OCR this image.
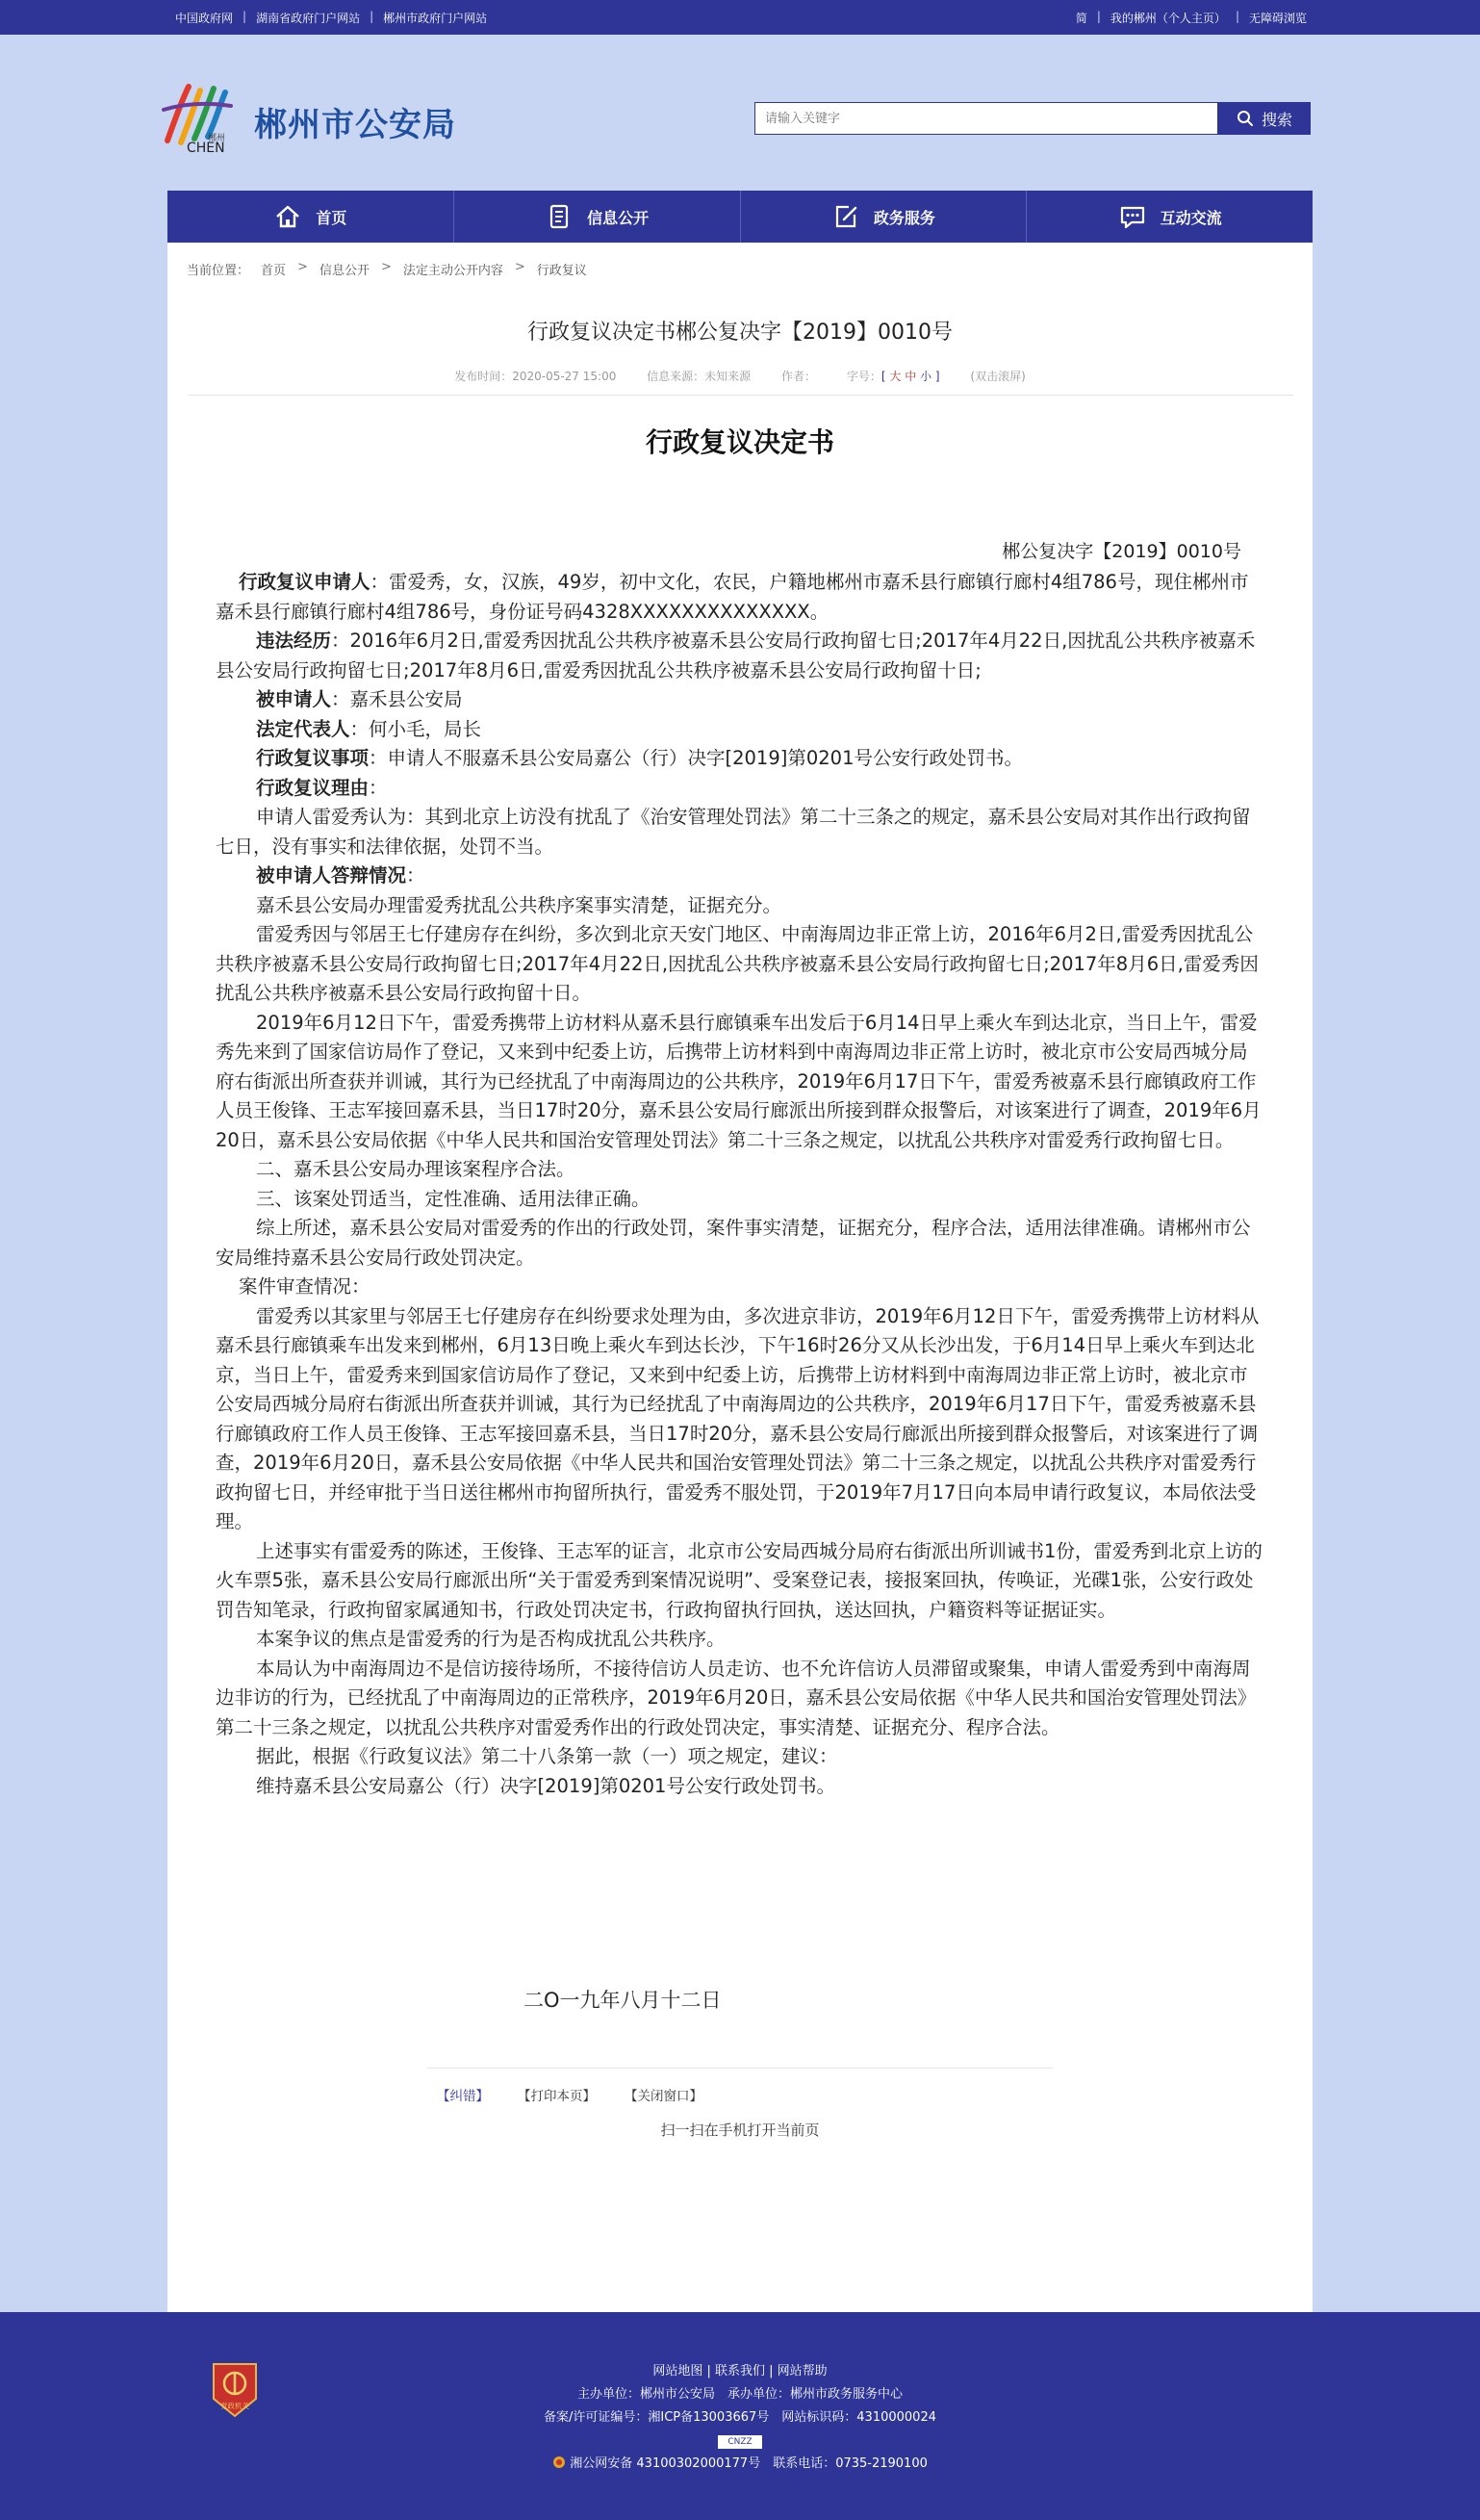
中国政府网 | 湖南省政府门户网站 | 郴州市政府门户网站	简 | 我的郴州（个人主页） | 无障碍浏览
郴州
CHEN
郴州市公安局
请输入关键字	搜索
首页	信息公开	政务服务	互动交流
当前位置： 首页 > 信息公开 > 法定主动公开内容 > 行政复议
行政复议决定书郴公复决字【2019】0010号
发布时间：2020-05-27 15:00	信息来源：未知来源	作者：	字号：[ 大 中 小 ]	(双击滚屏)
行政复议决定书
郴公复决字【2019】0010号

行政复议申请人：雷爱秀，女，汉族，49岁，初中文化，农民，户籍地郴州市嘉禾县行廊镇行廊村4组786号，现住郴州市嘉禾县行廊镇行廊村4组786号，身份证号码4328XXXXXXXXXXXXXX。

违法经历：2016年6月2日,雷爱秀因扰乱公共秩序被嘉禾县公安局行政拘留七日;2017年4月22日,因扰乱公共秩序被嘉禾县公安局行政拘留七日;2017年8月6日,雷爱秀因扰乱公共秩序被嘉禾县公安局行政拘留十日;

被申请人：嘉禾县公安局

法定代表人：何小毛，局长

行政复议事项：申请人不服嘉禾县公安局嘉公（行）决字[2019]第0201号公安行政处罚书。

行政复议理由：

申请人雷爱秀认为：其到北京上访没有扰乱了《治安管理处罚法》第二十三条之的规定，嘉禾县公安局对其作出行政拘留七日，没有事实和法律依据，处罚不当。

被申请人答辩情况：

嘉禾县公安局办理雷爱秀扰乱公共秩序案事实清楚，证据充分。

雷爱秀因与邻居王七仔建房存在纠纷，多次到北京天安门地区、中南海周边非正常上访，2016年6月2日,雷爱秀因扰乱公共秩序被嘉禾县公安局行政拘留七日;2017年4月22日,因扰乱公共秩序被嘉禾县公安局行政拘留七日;2017年8月6日,雷爱秀因扰乱公共秩序被嘉禾县公安局行政拘留十日。

2019年6月12日下午，雷爱秀携带上访材料从嘉禾县行廊镇乘车出发后于6月14日早上乘火车到达北京，当日上午，雷爱秀先来到了国家信访局作了登记，又来到中纪委上访，后携带上访材料到中南海周边非正常上访时，被北京市公安局西城分局府右街派出所查获并训诫，其行为已经扰乱了中南海周边的公共秩序，2019年6月17日下午，雷爱秀被嘉禾县行廊镇政府工作人员王俊锋、王志军接回嘉禾县，当日17时20分，嘉禾县公安局行廊派出所接到群众报警后，对该案进行了调查，2019年6月20日，嘉禾县公安局依据《中华人民共和国治安管理处罚法》第二十三条之规定，以扰乱公共秩序对雷爱秀行政拘留七日。

二、嘉禾县公安局办理该案程序合法。

三、该案处罚适当，定性准确、适用法律正确。

综上所述，嘉禾县公安局对雷爱秀的作出的行政处罚，案件事实清楚，证据充分，程序合法，适用法律准确。请郴州市公安局维持嘉禾县公安局行政处罚决定。

案件审查情况：

雷爱秀以其家里与邻居王七仔建房存在纠纷要求处理为由，多次进京非访，2019年6月12日下午，雷爱秀携带上访材料从嘉禾县行廊镇乘车出发来到郴州，6月13日晚上乘火车到达长沙，下午16时26分又从长沙出发，于6月14日早上乘火车到达北京，当日上午，雷爱秀来到国家信访局作了登记，又来到中纪委上访，后携带上访材料到中南海周边非正常上访时，被北京市公安局西城分局府右街派出所查获并训诫，其行为已经扰乱了中南海周边的公共秩序，2019年6月17日下午，雷爱秀被嘉禾县行廊镇政府工作人员王俊锋、王志军接回嘉禾县，当日17时20分，嘉禾县公安局行廊派出所接到群众报警后，对该案进行了调查，2019年6月20日，嘉禾县公安局依据《中华人民共和国治安管理处罚法》第二十三条之规定，以扰乱公共秩序对雷爱秀行政拘留七日，并经审批于当日送往郴州市拘留所执行，雷爱秀不服处罚，于2019年7月17日向本局申请行政复议，本局依法受理。

上述事实有雷爱秀的陈述，王俊锋、王志军的证言，北京市公安局西城分局府右街派出所训诫书1份，雷爱秀到北京上访的火车票5张，嘉禾县公安局行廊派出所“关于雷爱秀到案情况说明”、受案登记表，接报案回执，传唤证，光碟1张，公安行政处罚告知笔录，行政拘留家属通知书，行政处罚决定书，行政拘留执行回执，送达回执，户籍资料等证据证实。

本案争议的焦点是雷爱秀的行为是否构成扰乱公共秩序。

本局认为中南海周边不是信访接待场所，不接待信访人员走访、也不允许信访人员滞留或聚集，申请人雷爱秀到中南海周边非访的行为，已经扰乱了中南海周边的正常秩序，2019年6月20日，嘉禾县公安局依据《中华人民共和国治安管理处罚法》第二十三条之规定，以扰乱公共秩序对雷爱秀作出的行政处罚决定，事实清楚、证据充分、程序合法。

据此，根据《行政复议法》第二十八条第一款（一）项之规定，建议：

维持嘉禾县公安局嘉公（行）决字[2019]第0201号公安行政处罚书。

二O一九年八月十二日
【纠错】 【打印本页】 【关闭窗口】
扫一扫在手机打开当前页
党政机关
网站地图 | 联系我们 | 网站帮助
主办单位：郴州市公安局　承办单位：郴州市政务服务中心
备案/许可证编号：湘ICP备13003667号　网站标识码：4310000024
CNZZ
湘公网安备 43100302000177号　联系电话：0735-2190100
